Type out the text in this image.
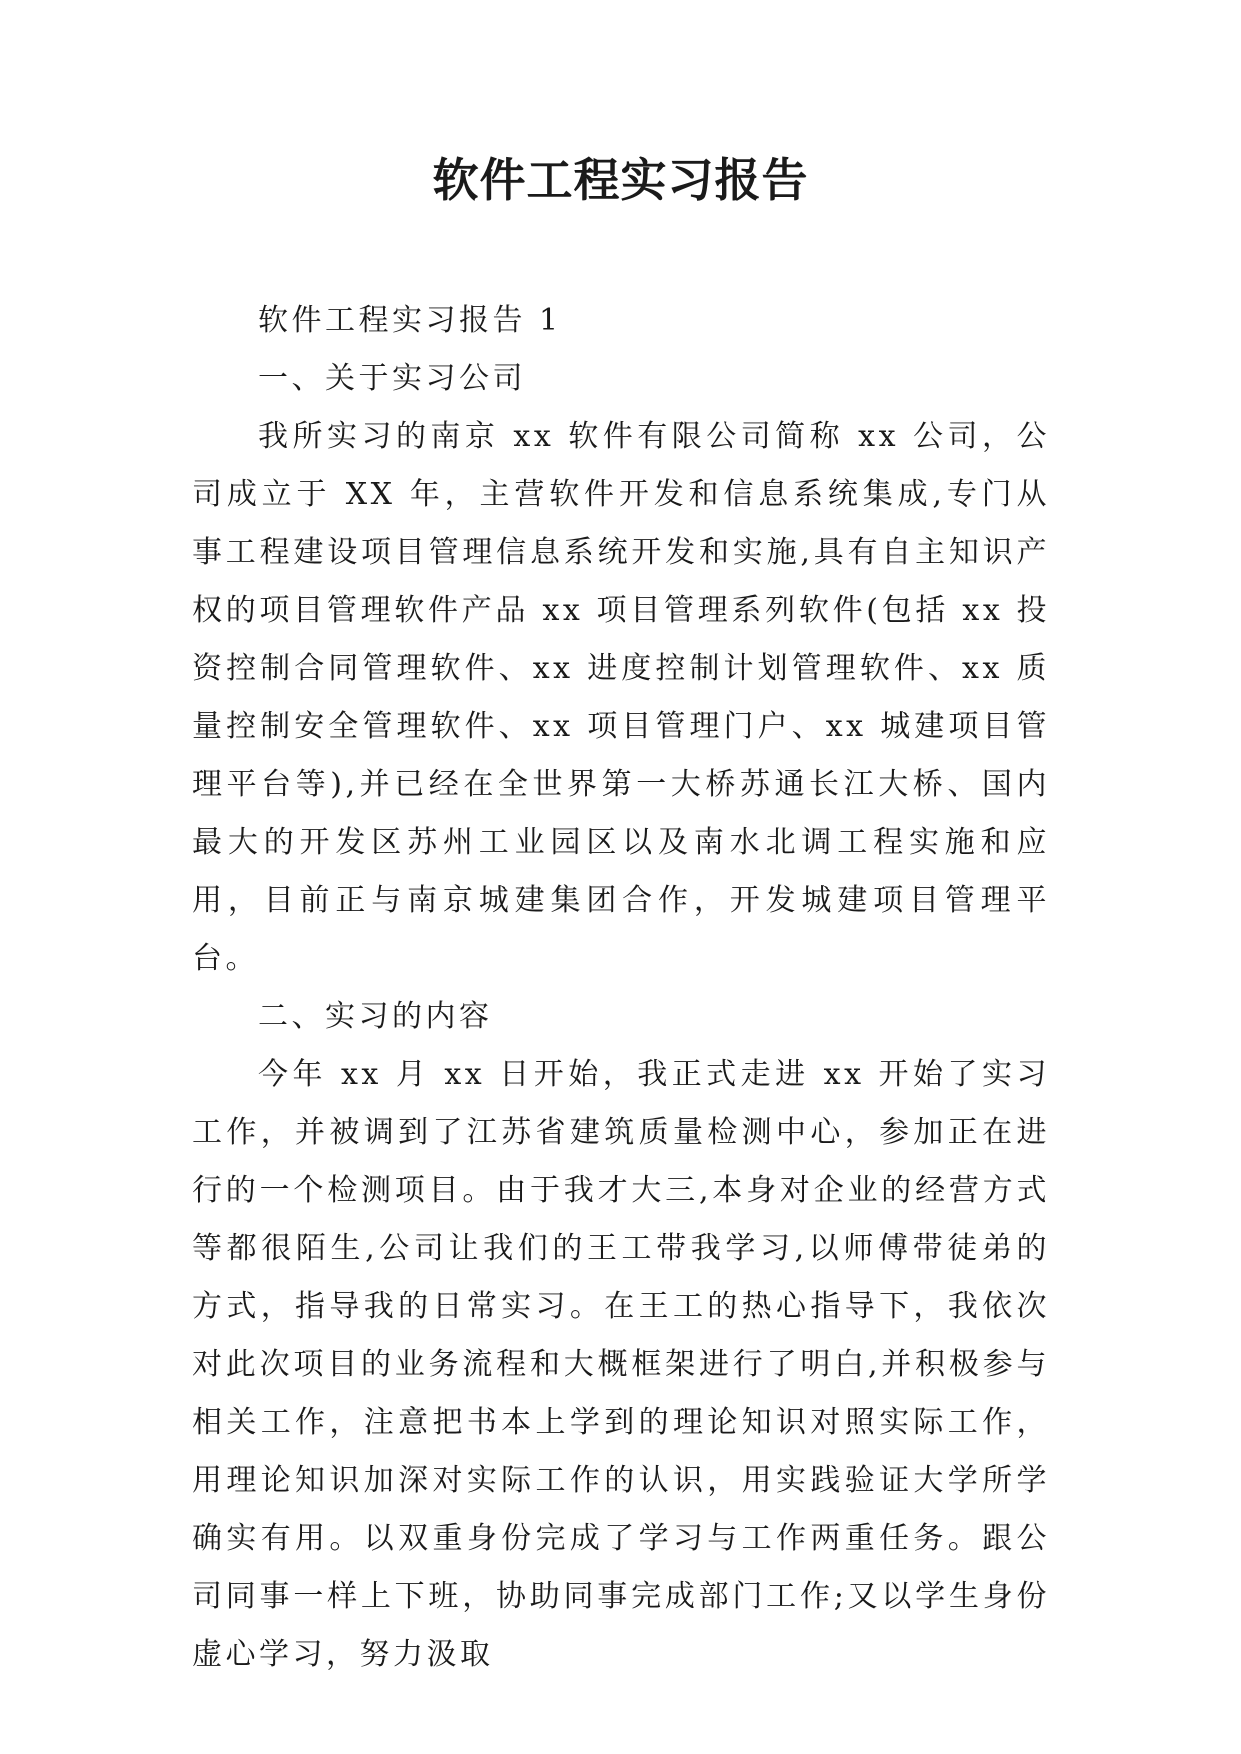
软件工程实习报告

软件工程实习报告 1

一、关于实习公司

我所实习的南京 xx 软件有限公司简称 xx 公司，公司成立于 XX 年，主营软件开发和信息系统集成,专门从事工程建设项目管理信息系统开发和实施,具有自主知识产权的项目管理软件产品 xx 项目管理系列软件(包括 xx 投资控制合同管理软件、xx 进度控制计划管理软件、xx 质量控制安全管理软件、xx 项目管理门户、xx 城建项目管理平台等),并已经在全世界第一大桥苏通长江大桥、国内最大的开发区苏州工业园区以及南水北调工程实施和应用，目前正与南京城建集团合作，开发城建项目管理平台。

二、实习的内容

今年 xx 月 xx 日开始，我正式走进 xx 开始了实习工作，并被调到了江苏省建筑质量检测中心，参加正在进行的一个检测项目。由于我才大三,本身对企业的经营方式等都很陌生,公司让我们的王工带我学习,以师傅带徒弟的方式，指导我的日常实习。在王工的热心指导下，我依次对此次项目的业务流程和大概框架进行了明白,并积极参与相关工作，注意把书本上学到的理论知识对照实际工作，用理论知识加深对实际工作的认识，用实践验证大学所学确实有用。以双重身份完成了学习与工作两重任务。跟公司同事一样上下班，协助同事完成部门工作;又以学生身份虚心学习，努力汲取
